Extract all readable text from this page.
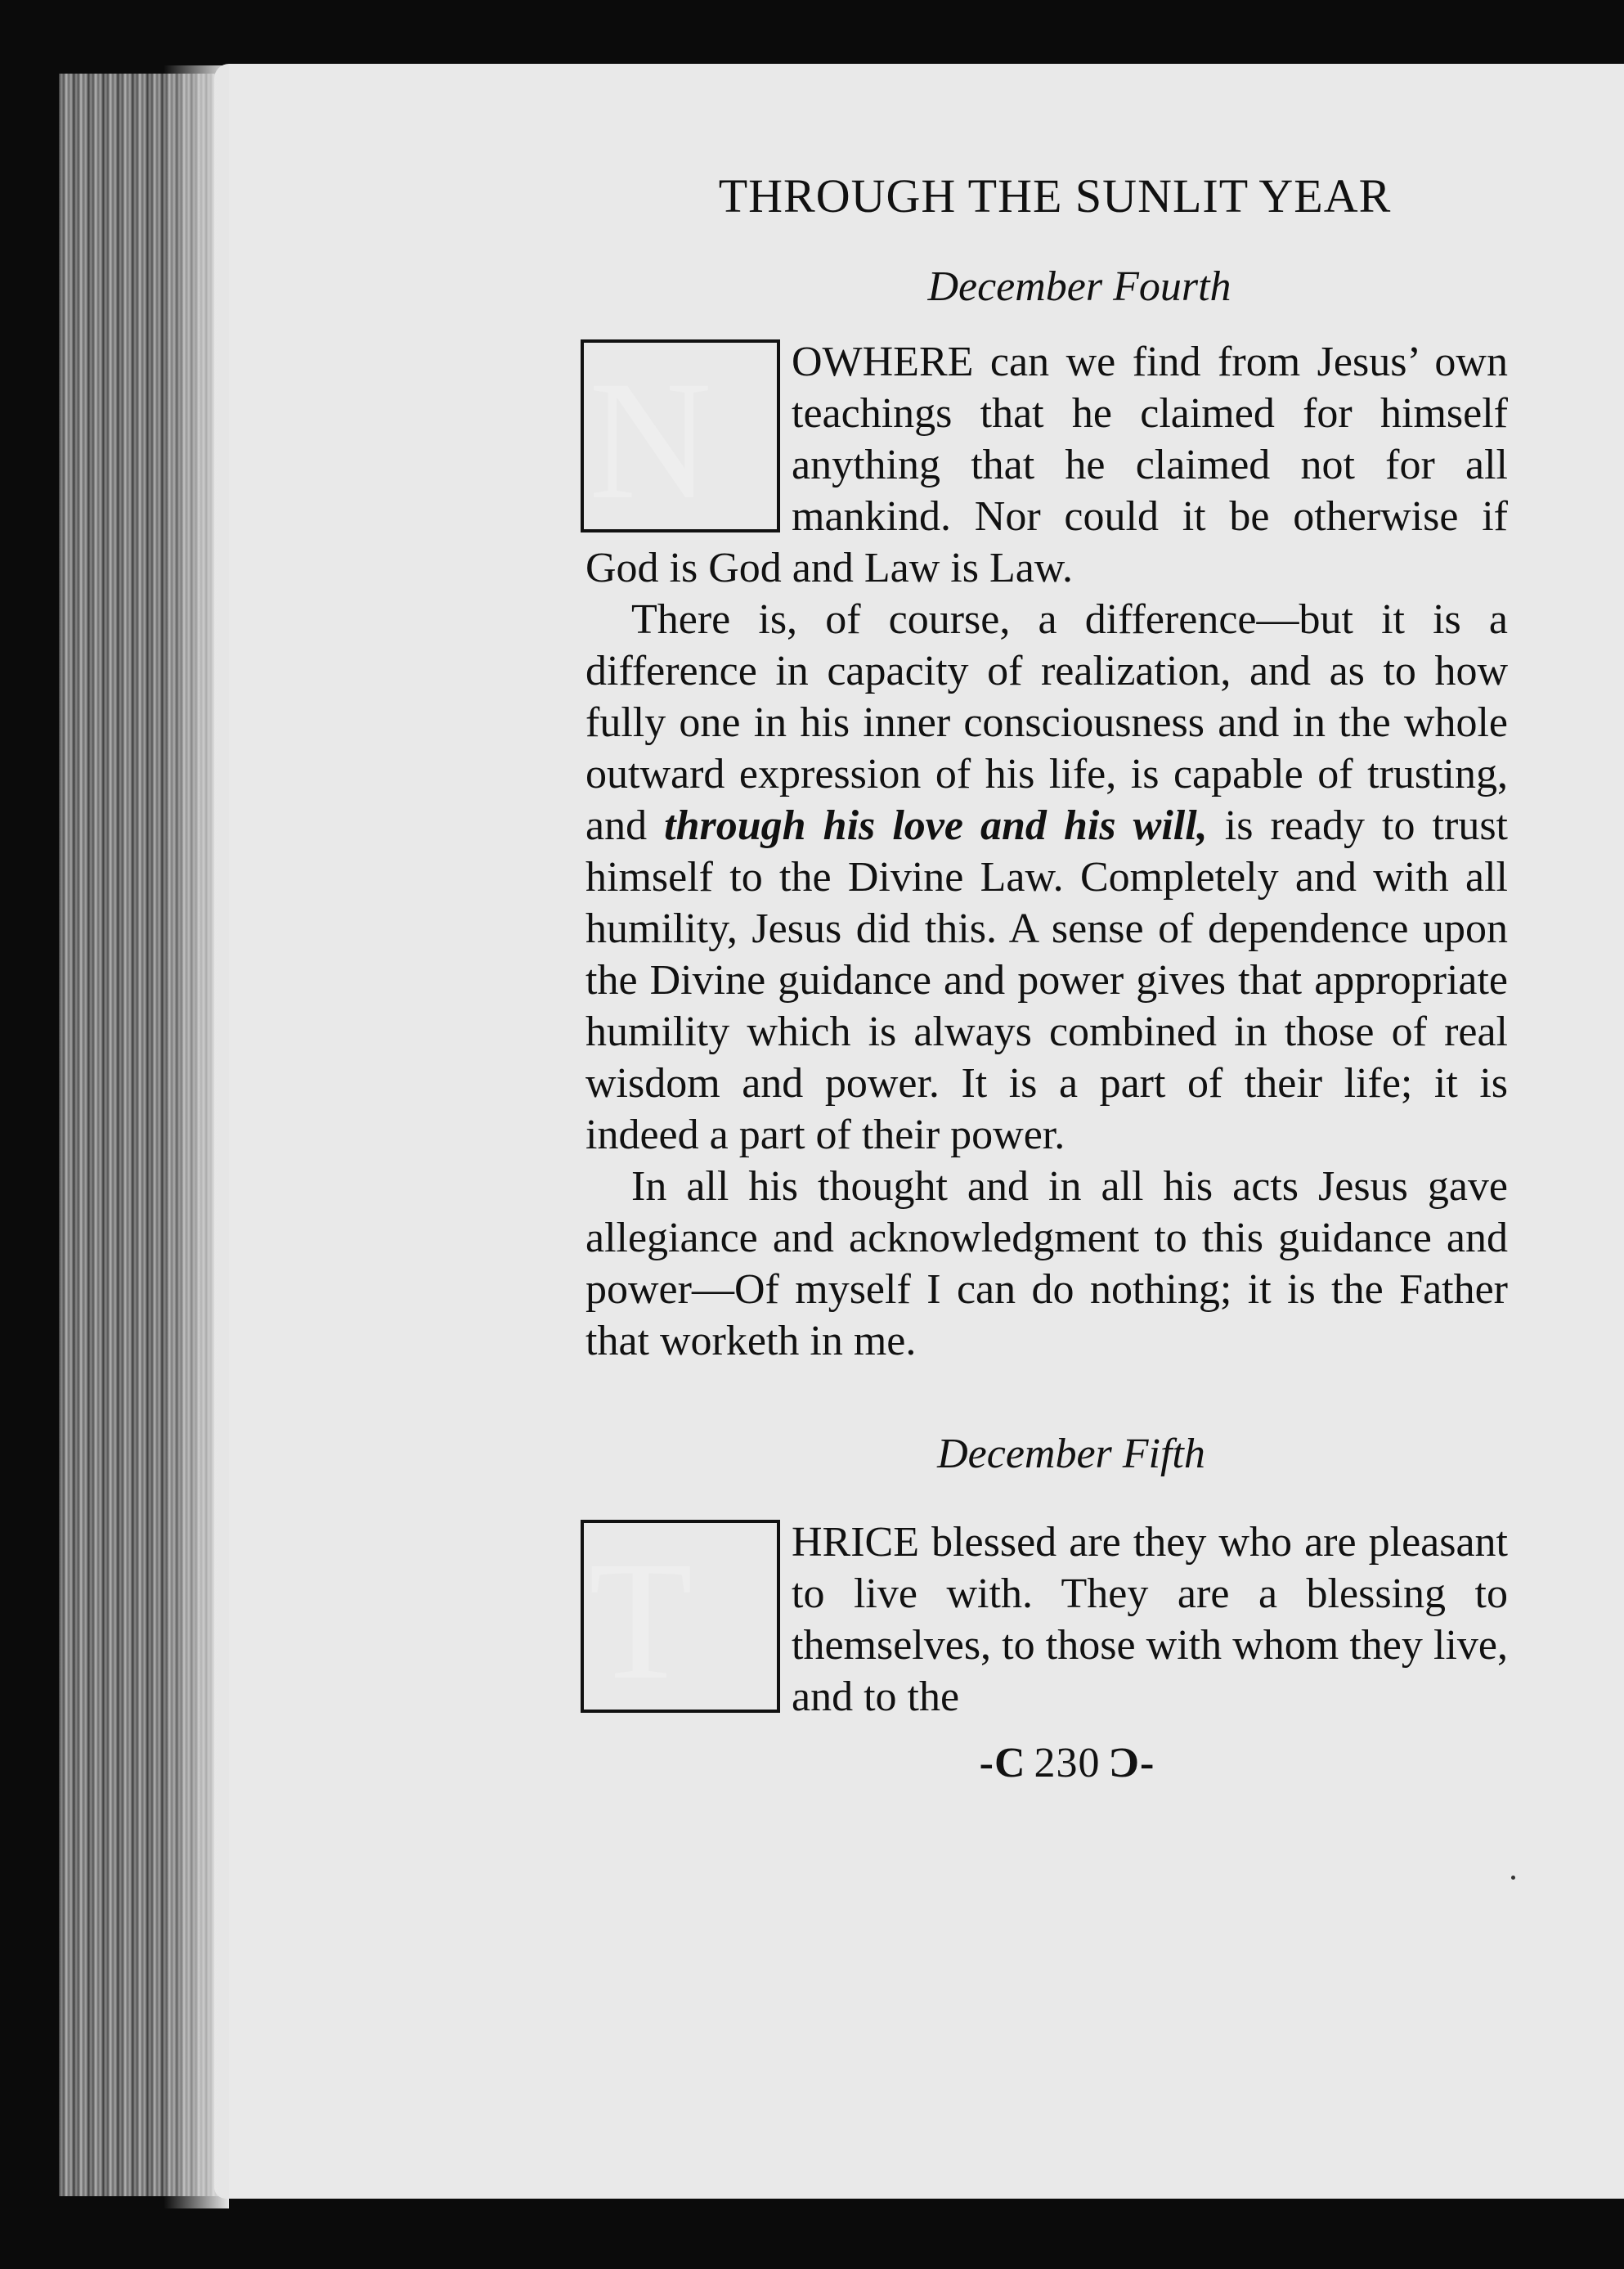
THROUGH THE SUNLIT YEAR
December Fourth

OWHERE can we find from Jesus’ own teachings that he claimed for himself anything that he claimed not for all mankind. Nor could it be otherwise if God is God and Law is Law.

There is, of course, a difference—but it is a difference in capacity of realization, and as to how fully one in his inner consciousness and in the whole outward expression of his life, is capable of trusting, and through his love and his will, is ready to trust himself to the Divine Law. Completely and with all humility, Jesus did this. A sense of dependence upon the Divine guidance and power gives that appropriate humility which is always combined in those of real wisdom and power. It is a part of their life; it is indeed a part of their power.

In all his thought and in all his acts Jesus gave allegiance and acknowledgment to this guidance and power—Of myself I can do nothing; it is the Father that worketh in me.

December Fifth

HRICE blessed are they who are pleasant to live with. They are a blessing to themselves, to those with whom they live, and to the

-C 230 Ɔ-
